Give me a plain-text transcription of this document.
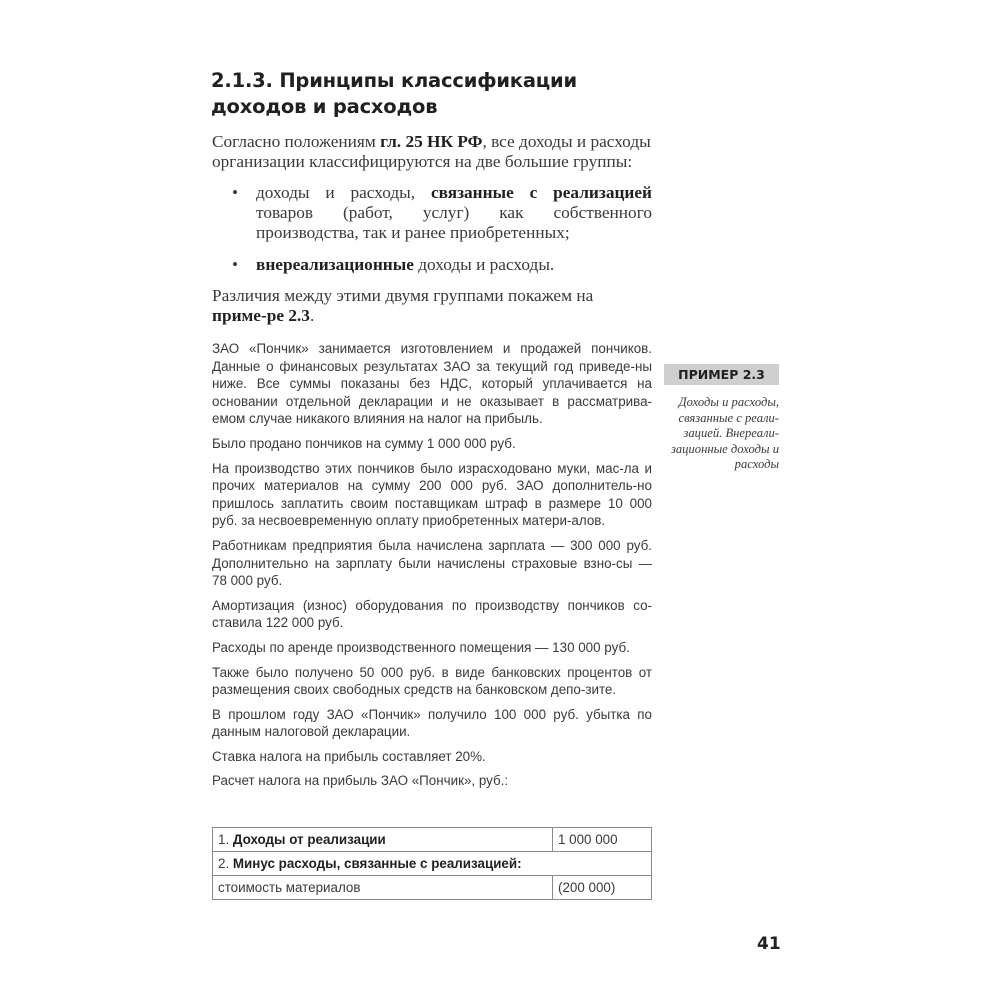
2.1.3. Принципы классификации
доходов и расходов
Согласно положениям гл. 25 НК РФ, все доходы и расходы организации классифицируются на две большие группы:
• доходы и расходы, связанные с реализацией товаров (работ, услуг) как собственного производства, так и ранее приобретенных;
• внереализационные доходы и расходы.
Различия между этими двумя группами покажем на приме-ре 2.3.

ЗАО «Пончик» занимается изготовлением и продажей пончиков. Данные о финансовых результатах ЗАО за текущий год приведе-ны ниже. Все суммы показаны без НДС, который уплачивается на основании отдельной декларации и не оказывает в рассматрива-емом случае никакого влияния на налог на прибыль.

Было продано пончиков на сумму 1 000 000 руб.

На производство этих пончиков было израсходовано муки, мас-ла и прочих материалов на сумму 200 000 руб. ЗАО дополнитель-но пришлось заплатить своим поставщикам штраф в размере 10 000 руб. за несвоевременную оплату приобретенных матери-алов.

Работникам предприятия была начислена зарплата — 300 000 руб. Дополнительно на зарплату были начислены страховые взно-сы — 78 000 руб.

Амортизация (износ) оборудования по производству пончиков со-ставила 122 000 руб.

Расходы по аренде производственного помещения — 130 000 руб.

Также было получено 50 000 руб. в виде банковских процентов от размещения своих свободных средств на банковском депо-зите.

В прошлом году ЗАО «Пончик» получило 100 000 руб. убытка по данным налоговой декларации.

Ставка налога на прибыль составляет 20%.

Расчет налога на прибыль ЗАО «Пончик», руб.:

ПРИМЕР 2.3
Доходы и расходы, связанные с реали-зацией. Внереали-зационные доходы и расходы
1. Доходы от реализации	1 000 000
2. Минус расходы, связанные с реализацией:	
стоимость материалов	(200 000)
41
